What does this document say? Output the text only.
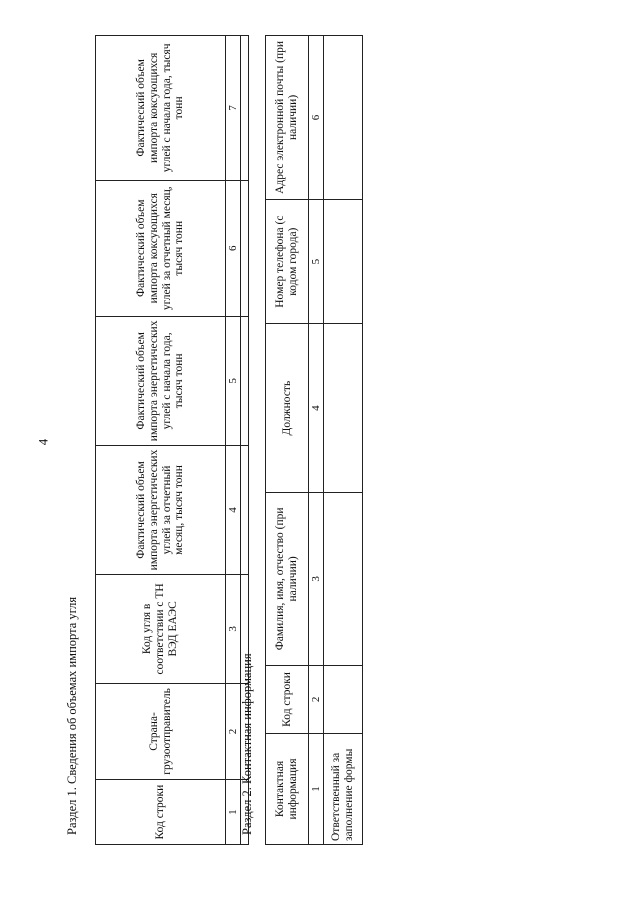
4
Раздел 1. Сведения об объемах импорта угля	Код строки	Страна-грузоотправитель	Код угля в соответствии с ТН ВЭД ЕАЭС	Фактический объем импорта энергетических углей за отчетный месяц, тысяч тонн	Фактический объем импорта энергетических углей с начала года, тысяч тонн	Фактический объем импорта коксующихся углей за отчетный месяц, тысяч тонн	Фактический объем импорта коксующихся углей с начала года, тысяч тонн
1	2	3	4	5	6	7

Раздел 2. Контактная информация Контактная информация	Код строки	Фамилия, имя, отчество (при наличии)	Должность	Номер телефона (с кодом города)	Адрес электронной почты (при наличии)
1	2	3	4	5	6
Ответственный за заполнение формы					
